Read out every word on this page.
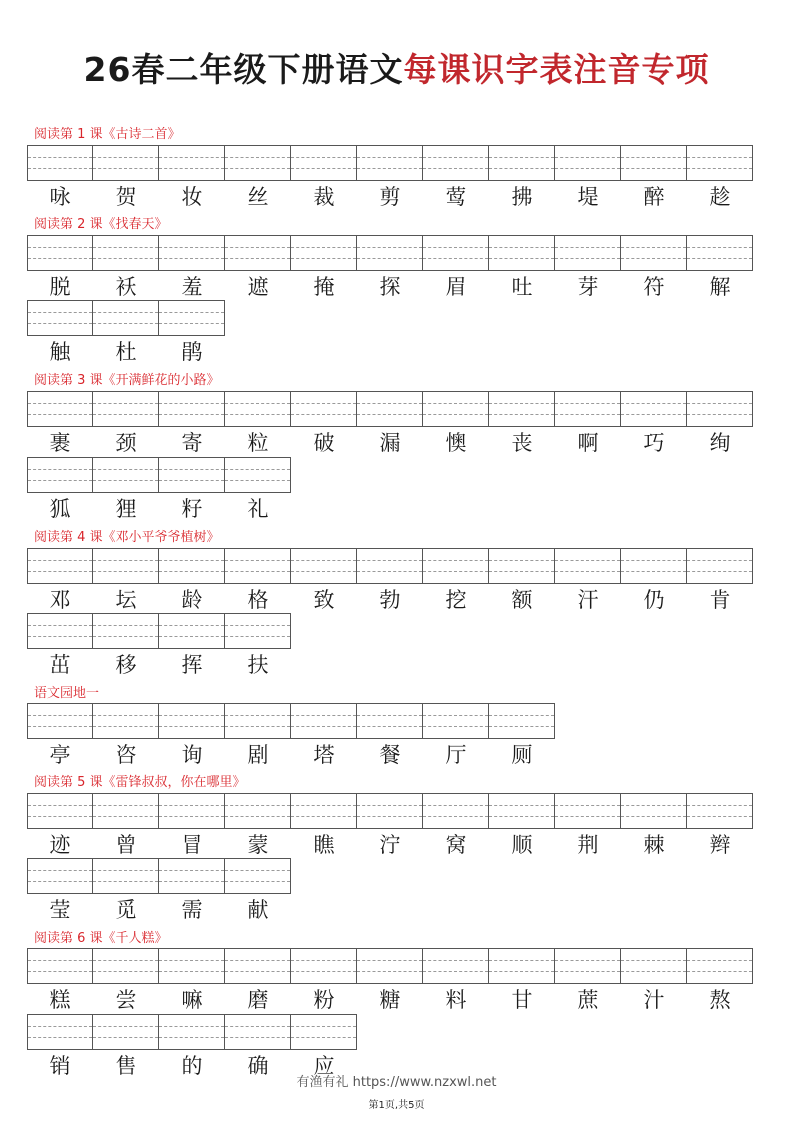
26春二年级下册语文每课识字表注音专项
阅读第 1 课《古诗二首》
咏	贺	妆	丝	裁	剪	莺	拂	堤	醉	趁
阅读第 2 课《找春天》
脱	袄	羞	遮	掩	探	眉	吐	芽	符	解
触	杜	鹃
阅读第 3 课《开满鲜花的小路》
裹	颈	寄	粒	破	漏	懊	丧	啊	巧	绚
狐	狸	籽	礼
阅读第 4 课《邓小平爷爷植树》
邓	坛	龄	格	致	勃	挖	额	汗	仍	肯
茁	移	挥	扶
语文园地一
亭	咨	询	剧	塔	餐	厅	厕
阅读第 5 课《雷锋叔叔，你在哪里》
迹	曾	冒	蒙	瞧	泞	窝	顺	荆	棘	辫
莹	觅	需	献
阅读第 6 课《千人糕》
糕	尝	嘛	磨	粉	糖	料	甘	蔗	汁	熬
销	售	的	确	应
有渔有礼 https://www.nzxwl.net
第1页,共5页
